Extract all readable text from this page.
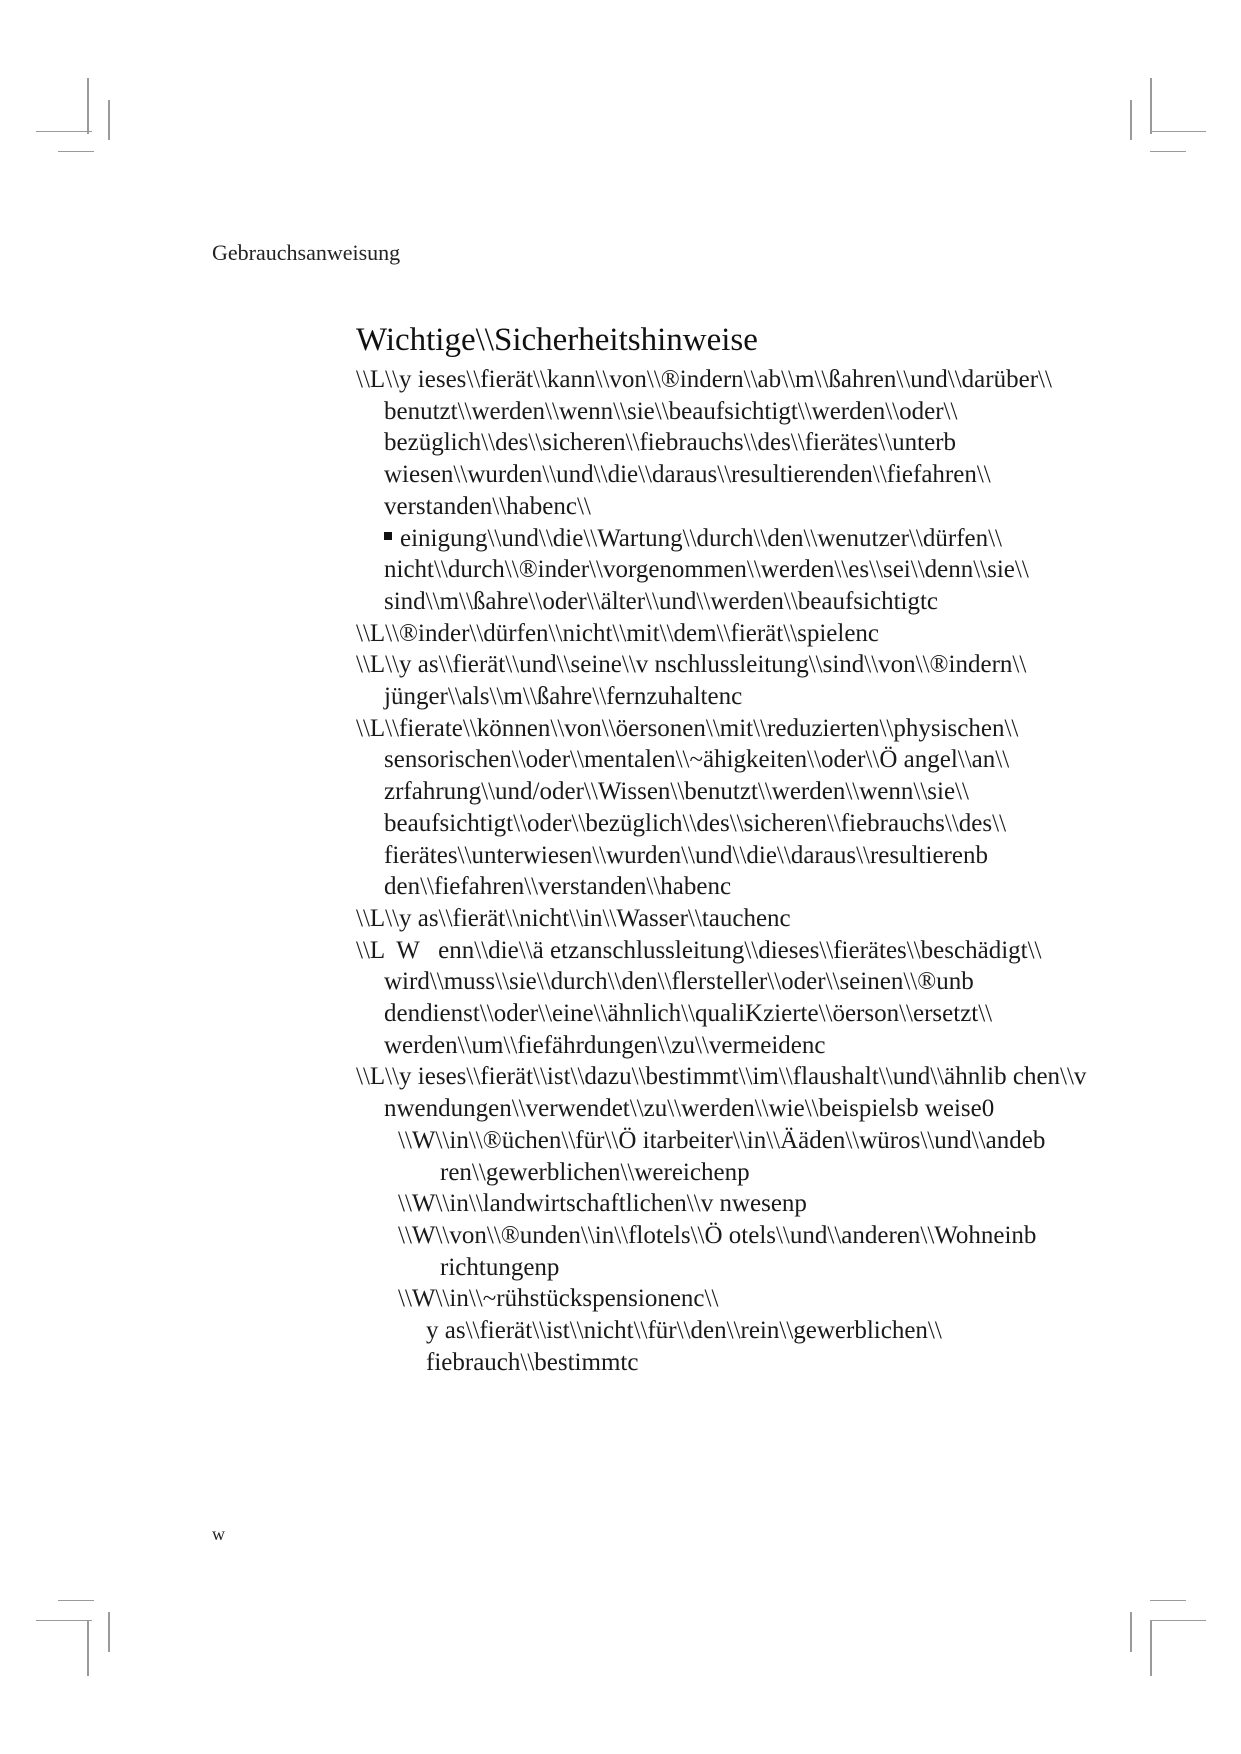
Gebrauchsanweisung
Wichtige\\Sicherheitshinweise
\\L\\y ieses\\fierät\\kann\\von\\®indern\\ab\\m\\ßahren\\und\\darüber\\ benutzt\\werden\\wenn\\sie\\beaufsichtigt\\werden\\oder\\ bezüglich\\des\\sicheren\\fiebrauchs\\des\\fierätes\\unterb wiesen\\wurden\\und\\die\\daraus\\resultierenden\\fiefahren\\ verstanden\\habenc\\
einigung\\und\\die\\Wartung\\durch\\den\\wenutzer\\dürfen\\ nicht\\durch\\®inder\\vorgenommen\\werden\\es\\sei\\denn\\sie\\ sind\\m\\ßahre\\oder\\älter\\und\\werden\\beaufsichtigtc
\\L\\®inder\\dürfen\\nicht\\mit\\dem\\fierät\\spielenc
\\L\\y as\\fierät\\und\\seine\\v nschlussleitung\\sind\\von\\®indern\\ jünger\\als\\m\\ßahre\\fernzuhaltenc
\\L\\fierate\\können\\von\\öersonen\\mit\\reduzierten\\physischen\\ sensorischen\\oder\\mentalen\\~ähigkeiten\\oder\\Ö angel\\an\\ zrfahrung\\und/oder\\Wissen\\benutzt\\werden\\wenn\\sie\\ beaufsichtigt\\oder\\bezüglich\\des\\sicheren\\fiebrauchs\\des\\ fierätes\\unterwiesen\\wurden\\und\\die\\daraus\\resultierenb den\\fiefahren\\verstanden\\habenc
\\L\\y as\\fierät\\nicht\\in\\Wasser\\tauchenc
\\L  W   enn\\die\\ä etzanschlussleitung\\dieses\\fierätes\\beschädigt\\ wird\\muss\\sie\\durch\\den\\flersteller\\oder\\seinen\\®unb dendienst\\oder\\eine\\ähnlich\\qualiKzierte\\öerson\\ersetzt\\ werden\\um\\fiefährdungen\\zu\\vermeidenc
\\L\\y ieses\\fierät\\ist\\dazu\\bestimmt\\im\\flaushalt\\und\\ähnlib chen\\v nwendungen\\verwendet\\zu\\werden\\wie\\beispielsb weise0
\\W\\in\\®üchen\\für\\Ö itarbeiter\\in\\Ääden\\würos\\und\\andeb ren\\gewerblichen\\wereichenp
\\W\\in\\landwirtschaftlichen\\v nwesenp
\\W\\von\\®unden\\in\\flotels\\Ö otels\\und\\anderen\\Wohneinb richtungenp
\\W\\in\\~rühstückspensionenc\\
y as\\fierät\\ist\\nicht\\für\\den\\rein\\gewerblichen\\ fiebrauch\\bestimmtc
w
